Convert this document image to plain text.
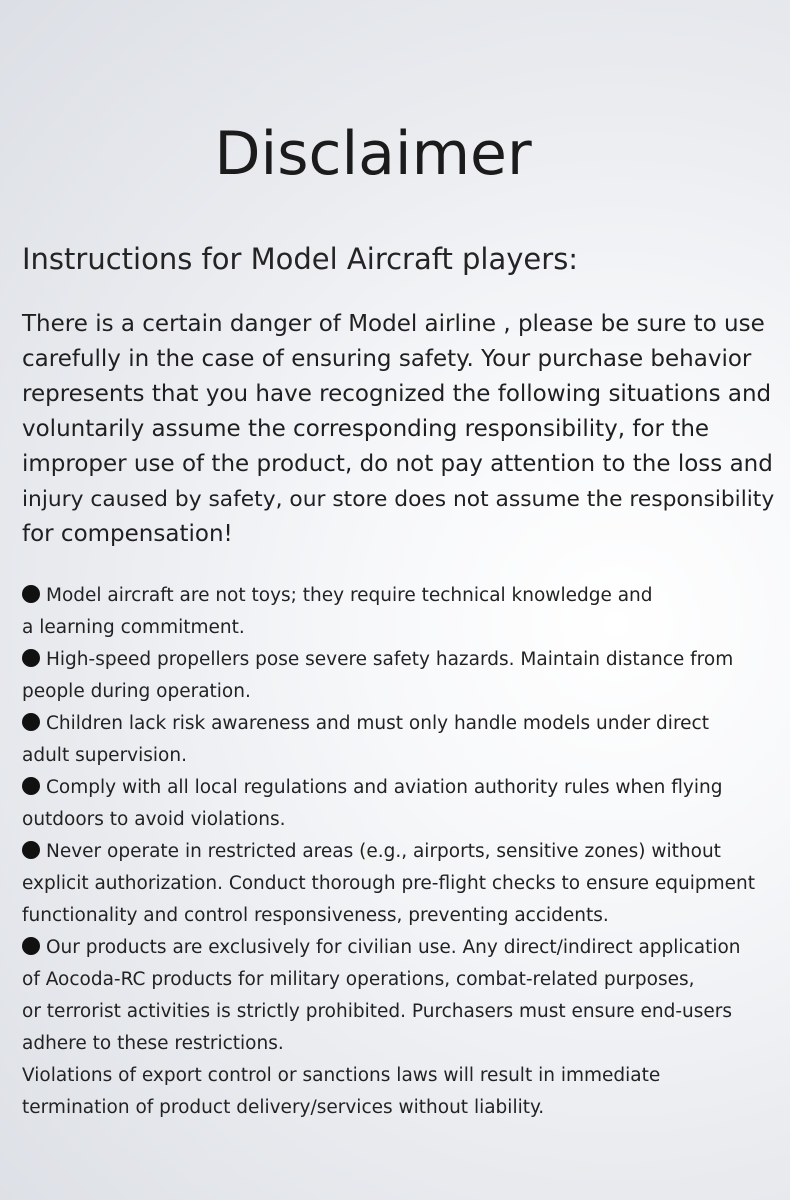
Disclaimer
Instructions for Model Aircraft players:

There is a certain danger of Model airline , please be sure to use
carefully in the case of ensuring safety. Your purchase behavior
represents that you have recognized the following situations and
voluntarily assume the corresponding responsibility, for the
improper use of the product, do not pay attention to the loss and
injury caused by safety, our store does not assume the responsibility
for compensation!

Model aircraft are not toys; they require technical knowledge and
a learning commitment.
High-speed propellers pose severe safety hazards. Maintain distance from
people during operation.
Children lack risk awareness and must only handle models under direct
adult supervision.
Comply with all local regulations and aviation authority rules when flying
outdoors to avoid violations.
Never operate in restricted areas (e.g., airports, sensitive zones) without
explicit authorization. Conduct thorough pre-flight checks to ensure equipment
functionality and control responsiveness, preventing accidents.
Our products are exclusively for civilian use. Any direct/indirect application
of Aocoda-RC products for military operations, combat-related purposes,
or terrorist activities is strictly prohibited. Purchasers must ensure end-users
adhere to these restrictions.
Violations of export control or sanctions laws will result in immediate
termination of product delivery/services without liability.
